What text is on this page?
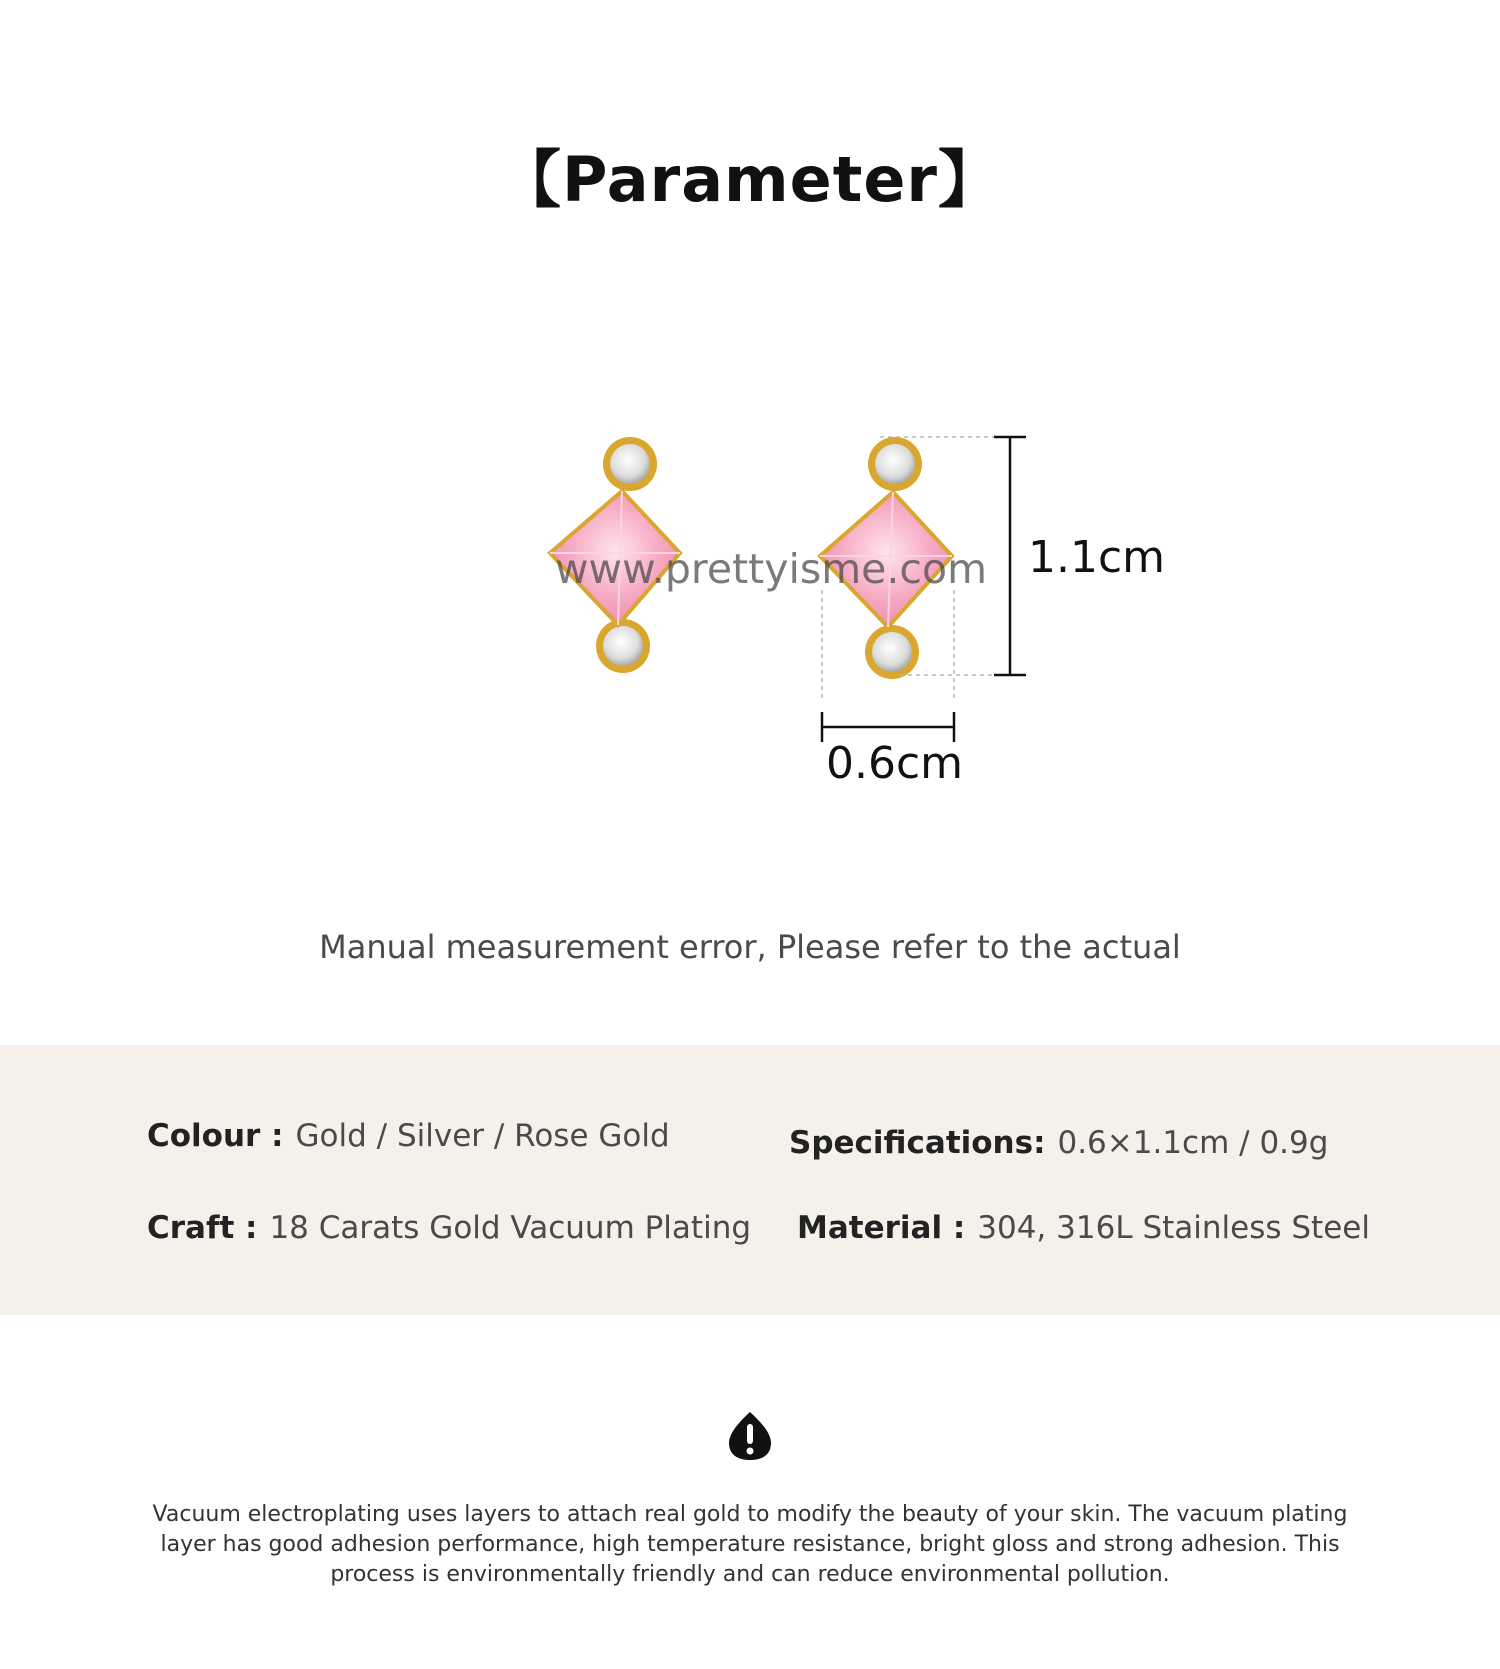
【Parameter】
www.prettyisme.com 1.1cm
0.6cm
Manual measurement error, Please refer to the actual
Colour : Gold / Silver / Rose Gold	Specifications: 0.6×1.1cm / 0.9g
Craft : 18 Carats Gold Vacuum Plating Material : 304, 316L Stainless Steel
Vacuum electroplating uses layers to attach real gold to modify the beauty of your skin. The vacuum plating layer has good adhesion performance, high temperature resistance, bright gloss and strong adhesion. This process is environmentally friendly and can reduce environmental pollution.
